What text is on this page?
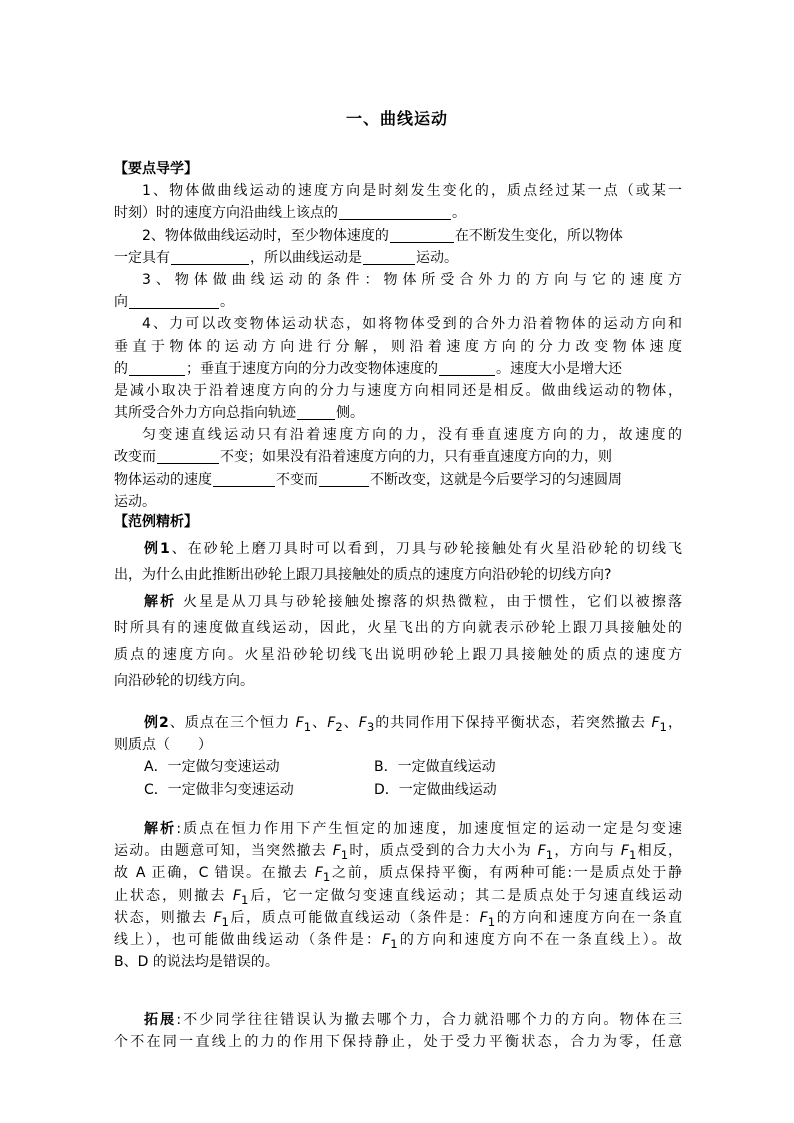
一、曲线运动
【要点导学】
1、物体做曲线运动的速度方向是时刻发生变化的，质点经过某一点（或某一
时刻）时的速度方向沿曲线上该点的	。
2、物体做曲线运动时，至少物体速度的	在不断发生变化，所以物体
一定具有	，所以曲线运动是	运动。
3、物体做曲线运动的条件：物体所受合外力的方向与它的速度方
向	。
4、力可以改变物体运动状态，如将物体受到的合外力沿着物体的运动方向和
垂直于物体的运动方向进行分解，则沿着速度方向的分力改变物体速度
的	；垂直于速度方向的分力改变物体速度的	。速度大小是增大还
是减小取决于沿着速度方向的分力与速度方向相同还是相反。做曲线运动的物体，
其所受合外力方向总指向轨迹	侧。
匀变速直线运动只有沿着速度方向的力，没有垂直速度方向的力，故速度的
改变而	不变；如果没有沿着速度方向的力，只有垂直速度方向的力，则
物体运动的速度	不变而	不断改变，这就是今后要学习的匀速圆周
运动。
【范例精析】
例1、在砂轮上磨刀具时可以看到，刀具与砂轮接触处有火星沿砂轮的切线飞
出，为什么由此推断出砂轮上跟刀具接触处的质点的速度方向沿砂轮的切线方向?
解析 火星是从刀具与砂轮接触处擦落的炽热微粒，由于惯性，它们以被擦落
时所具有的速度做直线运动，因此，火星飞出的方向就表示砂轮上跟刀具接触处的
质点的速度方向。火星沿砂轮切线飞出说明砂轮上跟刀具接触处的质点的速度方
向沿砂轮的切线方向。
例2、质点在三个恒力 $F_1$、$F_2$、$F_3$的共同作用下保持平衡状态，若突然撤去 $F_1$，
则质点（　　）
A．一定做匀变速运动	B．一定做直线运动
C．一定做非匀变速运动	D．一定做曲线运动
解析:质点在恒力作用下产生恒定的加速度，加速度恒定的运动一定是匀变速
运动。由题意可知，当突然撤去 $F_1$时，质点受到的合力大小为 $F_1$，方向与 $F_1$相反，
故 A 正确，C 错误。在撤去 $F_1$之前，质点保持平衡，有两种可能:一是质点处于静
止状态，则撤去 $F_1$后，它一定做匀变速直线运动；其二是质点处于匀速直线运动
状态，则撤去 $F_1$后，质点可能做直线运动（条件是：$F_1$的方向和速度方向在一条直
线上），也可能做曲线运动（条件是：$F_1$的方向和速度方向不在一条直线上）。故
B、D 的说法均是错误的。
拓展:不少同学往往错误认为撤去哪个力，合力就沿哪个力的方向。物体在三
个不在同一直线上的力的作用下保持静止，处于受力平衡状态，合力为零，任意
